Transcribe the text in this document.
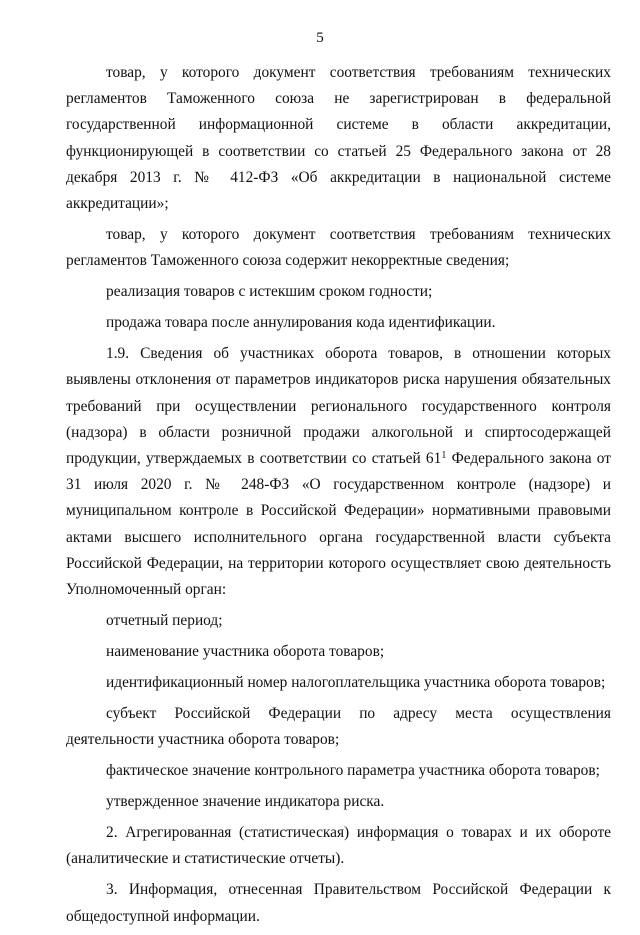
5

товар, у которого документ соответствия требованиям технических регламентов Таможенного союза не зарегистрирован в федеральной государственной информационной системе в области аккредитации, функционирующей в соответствии со статьей 25 Федерального закона от 28 декабря 2013 г. № 412-ФЗ «Об аккредитации в национальной системе аккредитации»;

товар, у которого документ соответствия требованиям технических регламентов Таможенного союза содержит некорректные сведения;

реализация товаров с истекшим сроком годности;

продажа товара после аннулирования кода идентификации.

1.9. Сведения об участниках оборота товаров, в отношении которых выявлены отклонения от параметров индикаторов риска нарушения обязательных требований при осуществлении регионального государственного контроля (надзора) в области розничной продажи алкогольной и спиртосодержащей продукции, утверждаемых в соответствии со статьей $61^1$ Федерального закона от 31 июля 2020 г. № 248-ФЗ «О государственном контроле (надзоре) и муниципальном контроле в Российской Федерации» нормативными правовыми актами высшего исполнительного органа государственной власти субъекта Российской Федерации, на территории которого осуществляет свою деятельность Уполномоченный орган:

отчетный период;

наименование участника оборота товаров;

идентификационный номер налогоплательщика участника оборота товаров;

субъект Российской Федерации по адресу места осуществления деятельности участника оборота товаров;

фактическое значение контрольного параметра участника оборота товаров;

утвержденное значение индикатора риска.

2. Агрегированная (статистическая) информация о товарах и их обороте (аналитические и статистические отчеты).

3. Информация, отнесенная Правительством Российской Федерации к общедоступной информации.
